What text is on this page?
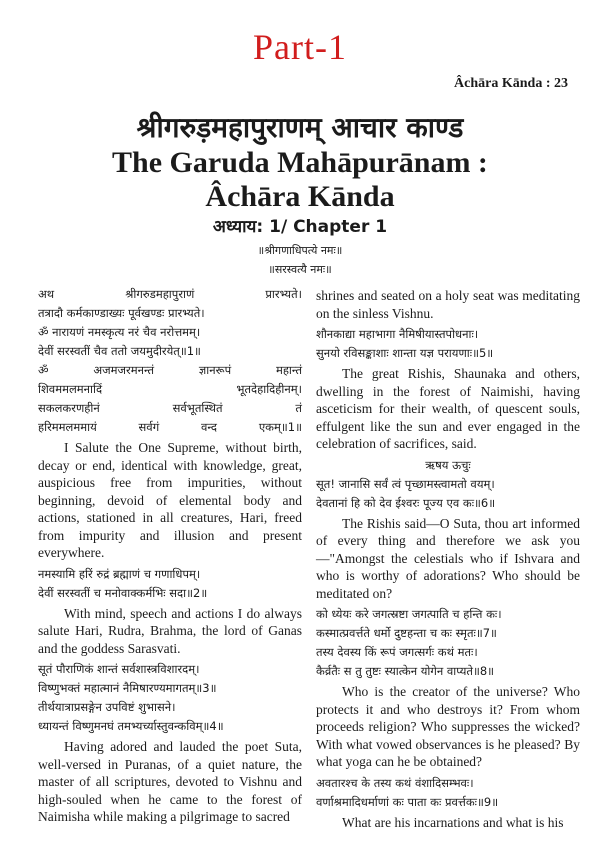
Part-1
Âchāra Kānda : 23
श्रीगरुड़महापुराणम् आचार काण्ड
The Garuda Mahāpurānam :
Âchāra Kānda
अध्याय: 1/ Chapter 1
॥श्रीगणाधिपत्ये नमः॥
॥सरस्वत्यै नमः॥
अथ	श्रीगरुडमहापुराणं	प्रारभ्यते।
तत्रादौ कर्मकाण्डाख्यः पूर्वखण्डः प्रारभ्यते।
ॐ नारायणं नमस्कृत्य नरं चैव नरोत्तमम्।
देवीं सरस्वतीं चैव ततो जयमुदीरयेत्॥1॥
ॐ	अजमजरमनन्तं	ज्ञानरूपं	महान्तं
शिवममलमनादिं	भूतदेहादिहीनम्।
सकलकरणहीनं	सर्वभूतस्थितं	तं
हरिममलममायं	सर्वगं	वन्द	एकम्॥1॥
I Salute the One Supreme, without birth, decay or end, identical with knowledge, great, auspicious free from impurities, without beginning, devoid of elemental body and actions, stationed in all creatures, Hari, freed from impurity and illusion and present everywhere.
नमस्यामि हरिं रुद्रं ब्रह्माणं च गणाधिपम्।
देवीं सरस्वतीं च मनोवाक्कर्मभिः सदा॥2॥
With mind, speech and actions I do always salute Hari, Rudra, Brahma, the lord of Ganas and the goddess Sarasvati.
सूतं पौराणिकं शान्तं सर्वशास्त्रविशारदम्।
विष्णुभक्तं महात्मानं नैमिषारण्यमागतम्॥3॥
तीर्थयात्राप्रसङ्गेन उपविष्टं शुभासने।
ध्यायन्तं विष्णुमनघं तमभ्यर्च्यास्तुवन्कविम्॥4॥
Having adored and lauded the poet Suta, well-versed in Puranas, of a quiet nature, the master of all scriptures, devoted to Vishnu and high-souled when he came to the forest of Naimisha while making a pilgrimage to sacred
shrines and seated on a holy seat was meditating on the sinless Vishnu.
शौनकाद्या महाभागा नैमिषीयास्तपोधनाः।
सुनयो रविसङ्काशाः शान्ता यज्ञ परायणाः॥5॥
The great Rishis, Shaunaka and others, dwelling in the forest of Naimishi, having asceticism for their wealth, of quescent souls, effulgent like the sun and ever engaged in the celebration of sacrifices, said.
ऋषय ऊचुः
सूत! जानासि सर्वं त्वं पृच्छामस्त्वामतो वयम्।
देवतानां हि को देव ईश्वरः पूज्य एव कः॥6॥
The Rishis said—O Suta, thou art informed of every thing and therefore we ask you—"Amongst the celestials who if Ishvara and who is worthy of adorations? Who should be meditated on?
को ध्येयः करे जगत्स्रष्टा जगत्पाति च हन्ति कः।
कस्मात्प्रवर्त्तते धर्मो दुष्टहन्ता च कः स्मृतः॥7॥
तस्य देवस्य किं रूपं जगत्सर्गः कथं मतः।
कैर्व्रतैः स तु तुष्टः स्यात्केन योगेन वाप्यते॥8॥
Who is the creator of the universe? Who protects it and who destroys it? From whom proceeds religion? Who suppresses the wicked? With what vowed observances is he pleased? By what yoga can he be obtained?
अवतारश्च के तस्य कथं वंशादिसम्भवः।
वर्णाश्रमादिधर्माणां कः पाता कः प्रवर्त्तकः॥9॥
What are his incarnations and what is his
